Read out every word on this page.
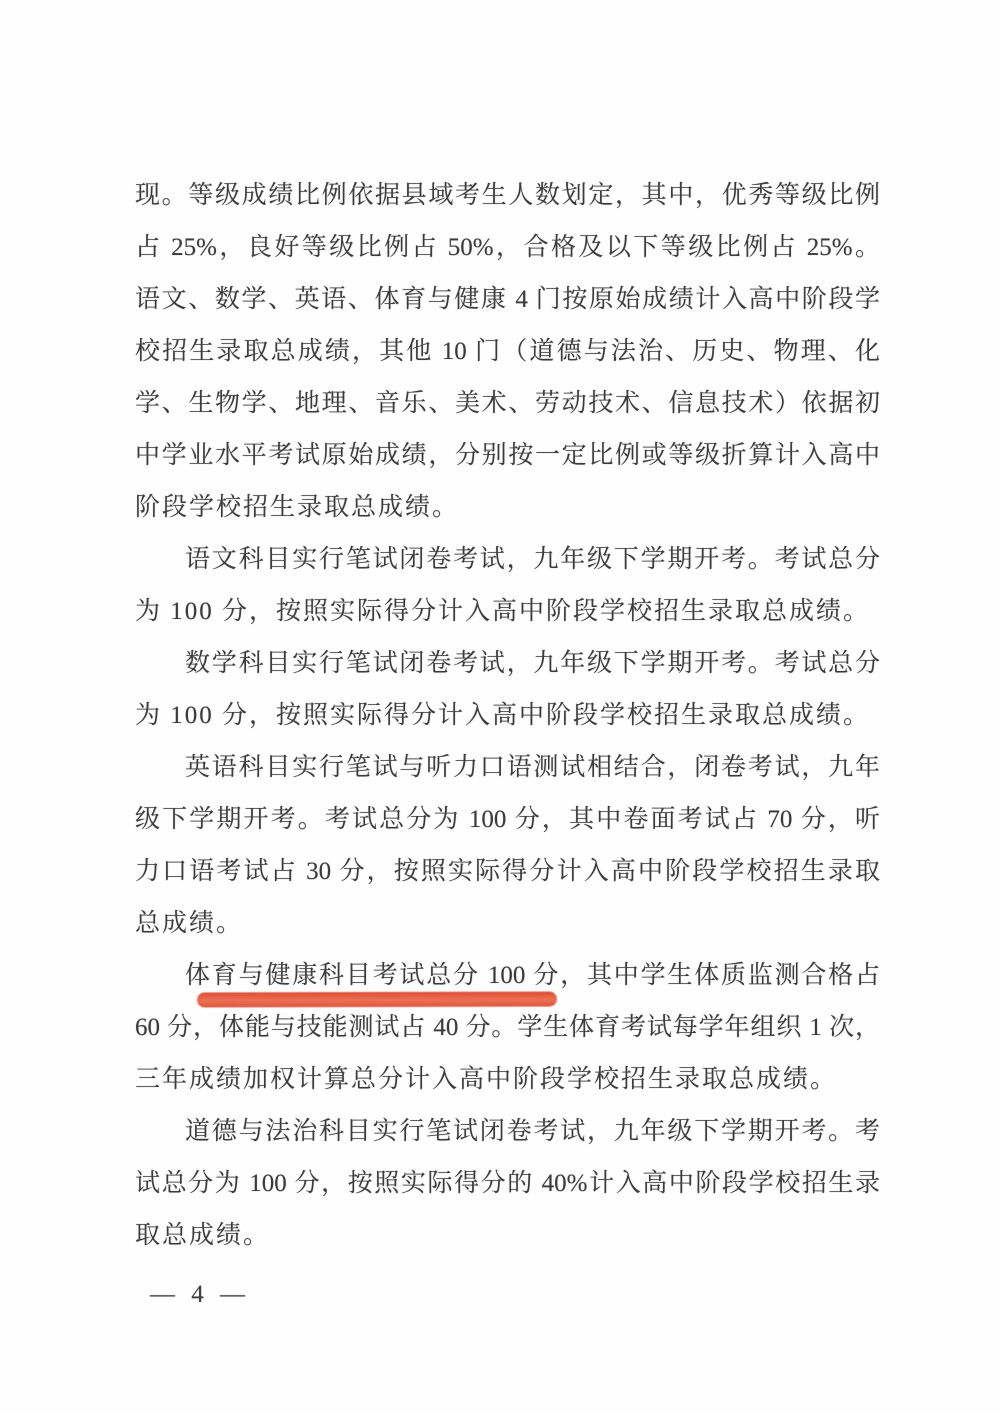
现。等级成绩比例依据县域考生人数划定，其中，优秀等级比例
占 25%，良好等级比例占 50%，合格及以下等级比例占 25%。
语文、数学、英语、体育与健康 4 门按原始成绩计入高中阶段学
校招生录取总成绩，其他 10 门（道德与法治、历史、物理、化
学、生物学、地理、音乐、美术、劳动技术、信息技术）依据初
中学业水平考试原始成绩，分别按一定比例或等级折算计入高中
阶段学校招生录取总成绩。
语文科目实行笔试闭卷考试，九年级下学期开考。考试总分
为 100 分，按照实际得分计入高中阶段学校招生录取总成绩。
数学科目实行笔试闭卷考试，九年级下学期开考。考试总分
为 100 分，按照实际得分计入高中阶段学校招生录取总成绩。
英语科目实行笔试与听力口语测试相结合，闭卷考试，九年
级下学期开考。考试总分为 100 分，其中卷面考试占 70 分，听
力口语考试占 30 分，按照实际得分计入高中阶段学校招生录取
总成绩。
体育与健康科目考试总分 100 分，其中学生体质监测合格占
60 分，体能与技能测试占 40 分。学生体育考试每学年组织 1 次，
三年成绩加权计算总分计入高中阶段学校招生录取总成绩。
道德与法治科目实行笔试闭卷考试，九年级下学期开考。考
试总分为 100 分，按照实际得分的 40%计入高中阶段学校招生录
取总成绩。
— 4 —
